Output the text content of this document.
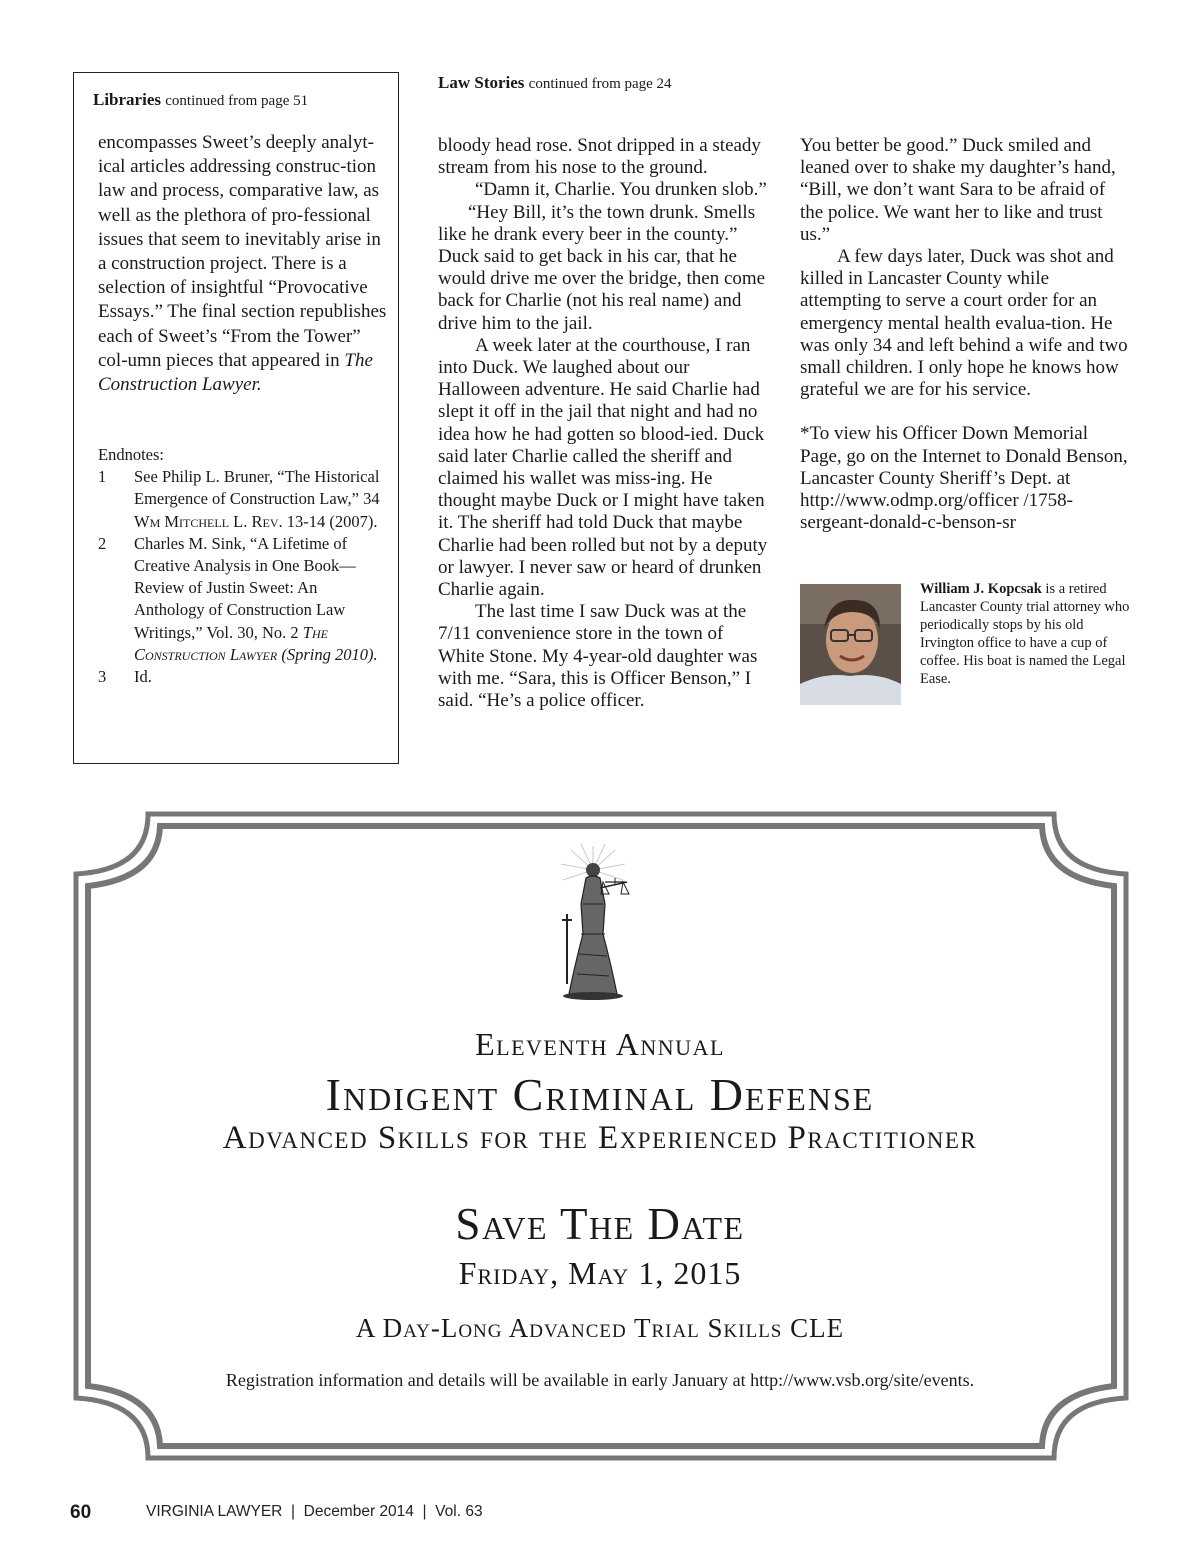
Libraries continued from page 51

encompasses Sweet’s deeply analyt-ical articles addressing construc-tion law and process, comparative law, as well as the plethora of pro-fessional issues that seem to inevitably arise in a construction project. There is a selection of insightful “Provocative Essays.” The final section republishes each of Sweet’s “From the Tower” col-umn pieces that appeared in The Construction Lawyer.

Endnotes:

1	See Philip L. Bruner, “The Historical Emergence of Construction Law,” 34 Wm Mitchell L. Rev. 13-14 (2007).
2	Charles M. Sink, “A Lifetime of Creative Analysis in One Book—Review of Justin Sweet: An Anthology of Construction Law Writings,” Vol. 30, No. 2 The Construction Lawyer (Spring 2010).
3	Id.
Law Stories continued from page 24

bloody head rose. Snot dripped in a steady stream from his nose to the ground.

“Damn it, Charlie. You drunken slob.”

“Hey Bill, it’s the town drunk. Smells like he drank every beer in the county.” Duck said to get back in his car, that he would drive me over the bridge, then come back for Charlie (not his real name) and drive him to the jail.

A week later at the courthouse, I ran into Duck. We laughed about our Halloween adventure. He said Charlie had slept it off in the jail that night and had no idea how he had gotten so blood-ied. Duck said later Charlie called the sheriff and claimed his wallet was miss-ing. He thought maybe Duck or I might have taken it. The sheriff had told Duck that maybe Charlie had been rolled but not by a deputy or lawyer. I never saw or heard of drunken Charlie again.

The last time I saw Duck was at the 7/11 convenience store in the town of White Stone. My 4-year-old daughter was with me. “Sara, this is Officer Benson,” I said. “He’s a police officer.

You better be good.” Duck smiled and leaned over to shake my daughter’s hand, “Bill, we don’t want Sara to be afraid of the police. We want her to like and trust us.”

A few days later, Duck was shot and killed in Lancaster County while attempting to serve a court order for an emergency mental health evalua-tion. He was only 34 and left behind a wife and two small children. I only hope he knows how grateful we are for his service.

*To view his Officer Down Memorial Page, go on the Internet to Donald Benson, Lancaster County Sheriff’s Dept. at http://www.odmp.org/officer /1758-sergeant-donald-c-benson-sr

William J. Kopcsak is a retired Lancaster County trial attorney who periodically stops by his old Irvington office to have a cup of coffee. His boat is named the Legal Ease.
Eleventh Annual
Indigent Criminal Defense
Advanced Skills for the Experienced Practitioner
Save The Date
Friday, May 1, 2015
A Day-Long Advanced Trial Skills CLE
Registration information and details will be available in early January at http://www.vsb.org/site/events.
60	VIRGINIA LAWYER  |  December 2014  |  Vol. 63
